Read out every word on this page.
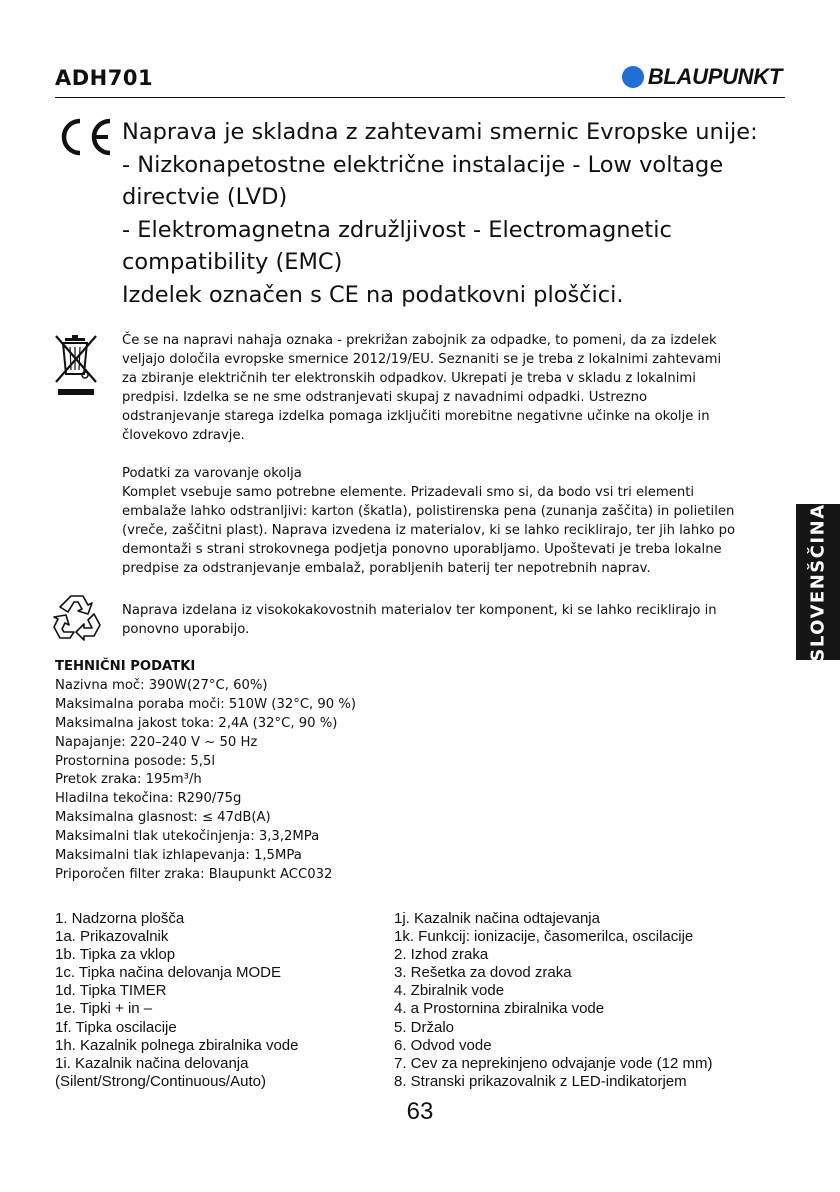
ADH701	BLAUPUNKT
Naprava je skladna z zahtevami smernic Evropske unije:
- Nizkonapetostne električne instalacije - Low voltage
directvie (LVD)
- Elektromagnetna združljivost - Electromagnetic
compatibility (EMC)
Izdelek označen s CE na podatkovni ploščici.
Če se na napravi nahaja oznaka - prekrižan zabojnik za odpadke, to pomeni, da za izdelek
veljajo določila evropske smernice 2012/19/EU. Seznaniti se je treba z lokalnimi zahtevami
za zbiranje električnih ter elektronskih odpadkov. Ukrepati je treba v skladu z lokalnimi
predpisi. Izdelka se ne sme odstranjevati skupaj z navadnimi odpadki. Ustrezno
odstranjevanje starega izdelka pomaga izključiti morebitne negativne učinke na okolje in
človekovo zdravje.
Podatki za varovanje okolja
Komplet vsebuje samo potrebne elemente. Prizadevali smo si, da bodo vsi tri elementi
embalaže lahko odstranljivi: karton (škatla), polistirenska pena (zunanja zaščita) in polietilen
(vreče, zaščitni plast). Naprava izvedena iz materialov, ki se lahko reciklirajo, ter jih lahko po
demontaži s strani strokovnega podjetja ponovno uporabljamo. Upoštevati je treba lokalne
predpise za odstranjevanje embalaž, porabljenih baterij ter nepotrebnih naprav.
Naprava izdelana iz visokokakovostnih materialov ter komponent, ki se lahko reciklirajo in
ponovno uporabijo.
TEHNIČNI PODATKI
Nazivna moč: 390W(27°C, 60%)
Maksimalna poraba moči: 510W (32°C, 90 %)
Maksimalna jakost toka: 2,4A (32°C, 90 %)
Napajanje: 220–240 V ~ 50 Hz
Prostornina posode: 5,5l
Pretok zraka: 195m³/h
Hladilna tekočina: R290/75g
Maksimalna glasnost: ≤ 47dB(A)
Maksimalni tlak utekočinjenja: 3,3,2MPa
Maksimalni tlak izhlapevanja: 1,5MPa
Priporočen filter zraka: Blaupunkt ACC032
1. Nadzorna plošča
1a. Prikazovalnik
1b. Tipka za vklop
1c. Tipka načina delovanja MODE
1d. Tipka TIMER
1e. Tipki + in –
1f. Tipka oscilacije
1h. Kazalnik polnega zbiralnika vode
1i. Kazalnik načina delovanja
(Silent/Strong/Continuous/Auto)
1j. Kazalnik načina odtajevanja
1k. Funkcij: ionizacije, časomerilca, oscilacije
2. Izhod zraka
3. Rešetka za dovod zraka
4. Zbiralnik vode
4. a Prostornina zbiralnika vode
5. Držalo
6. Odvod vode
7. Cev za neprekinjeno odvajanje vode (12 mm)
8. Stranski prikazovalnik z LED-indikatorjem
63
SLOVENŠČINA
